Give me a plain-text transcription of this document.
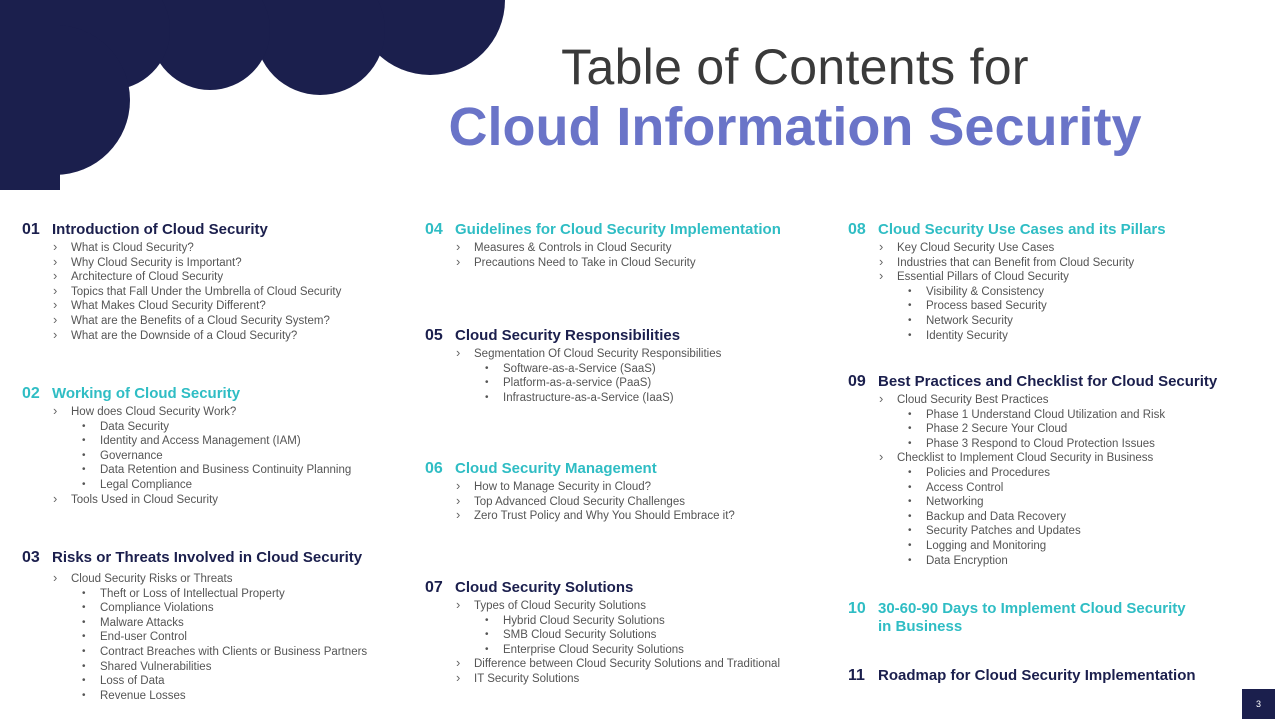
Table of Contents for
Cloud Information Security
01 Introduction of Cloud Security
› What is Cloud Security?
› Why Cloud Security is Important?
› Architecture of Cloud Security
› Topics that Fall Under the Umbrella of Cloud Security
› What Makes Cloud Security Different?
› What are the Benefits of a Cloud Security System?
› What are the Downside of a Cloud Security?
02 Working of Cloud Security
› How does Cloud Security Work?
• Data Security
• Identity and Access Management (IAM)
• Governance
• Data Retention and Business Continuity Planning
• Legal Compliance
› Tools Used in Cloud Security
03 Risks or Threats Involved in Cloud Security
› Cloud Security Risks or Threats
• Theft or Loss of Intellectual Property
• Compliance Violations
• Malware Attacks
• End-user Control
• Contract Breaches with Clients or Business Partners
• Shared Vulnerabilities
• Loss of Data
• Revenue Losses
04 Guidelines for Cloud Security Implementation
› Measures & Controls in Cloud Security
› Precautions Need to Take in Cloud Security
05 Cloud Security Responsibilities
› Segmentation Of Cloud Security Responsibilities
• Software-as-a-Service (SaaS)
• Platform-as-a-service (PaaS)
• Infrastructure-as-a-Service (IaaS)
06 Cloud Security Management
› How to Manage Security in Cloud?
› Top Advanced Cloud Security Challenges
› Zero Trust Policy and Why You Should Embrace it?
07 Cloud Security Solutions
› Types of Cloud Security Solutions
• Hybrid Cloud Security Solutions
• SMB Cloud Security Solutions
• Enterprise Cloud Security Solutions
› Difference between Cloud Security Solutions and Traditional
› IT Security Solutions
08 Cloud Security Use Cases and its Pillars
› Key Cloud Security Use Cases
› Industries that can Benefit from Cloud Security
› Essential Pillars of Cloud Security
• Visibility & Consistency
• Process based Security
• Network Security
• Identity Security
09 Best Practices and Checklist for Cloud Security
› Cloud Security Best Practices
• Phase 1 Understand Cloud Utilization and Risk
• Phase 2 Secure Your Cloud
• Phase 3 Respond to Cloud Protection Issues
› Checklist to Implement Cloud Security in Business
• Policies and Procedures
• Access Control
• Networking
• Backup and Data Recovery
• Security Patches and Updates
• Logging and Monitoring
• Data Encryption
10 30-60-90 Days to Implement Cloud Security
in Business
11 Roadmap for Cloud Security Implementation
3
